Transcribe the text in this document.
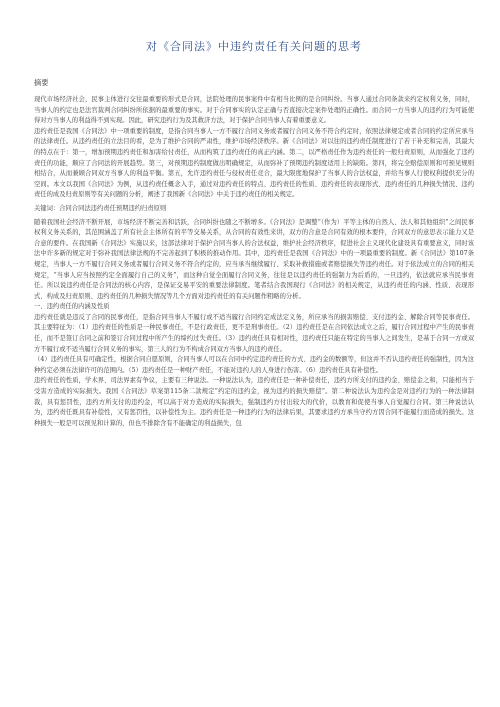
对《合同法》中违约责任有关问题的思考
摘要

现代市场经济社会，民事主体进行交往最重要的形式是合同，法院处理的民事案件中有相当比例的是合同纠纷。当事人通过合同条款来约定权利义务，同时，当事人的约定也是法官裁判合同纠纷所依据的最重要的事实。对于合同事实的认定正确与否直接决定案件处理的正确性。而合同一方当事人的违约行为可能使得对方当事人的利益得不到实现。因此，研究违约行为及其救济方法，对于保护合同当事人有着重要意义。

违约责任是我国《合同法》中一项重要的制度，是指合同当事人一方不履行合同义务或者履行合同义务不符合约定时，依照法律规定或者合同的约定所应承当的法律责任。从违约责任的立法目的看，是为了维护合同的严肃性，维护市场经济秩序。新《合同法》对以往的违约责任制度进行了若干补充和完善，其最大的特点在于：第一，增加预期违约责任和加害给付责任，从而构筑了违约责任的真正内涵。第二，以严格责任作为违约责任的一般归责原则，从而强化了违约责任的功能，顺应了合同法的开展趋势。第三，对预期违约制度做出明确规定，从而弥补了预期违约制度适用上的缺陷。第四，将完全赔偿原则和可预见规则相结合，从而兼顾合同双方当事人的利益平衡。第五，允许违约责任与侵权责任竞合，最大限度地保护了当事人的合法权益，并给当事人行使权利提供充分的空间。本文以我国《合同法》为例，从违约责任概念入手，通过对违约责任的特点、违约责任的性质、违约责任的表现形式、违约责任的几种损失情况、违约责任的成及归责原则等有关问题的分析，阐述了我国新《合同法》中关于违约责任的相关规定。

关键词：合同合同法违约责任预期违约归责原则

随着我国社会经济不断开展，市场经济不断完善和活跃，合同纠纷也随之不断增多。《合同法》是调整“（作为）平等主体的自然人、法人和其他组织”之间民事权利义务关系的，其范围涵盖了所有社会主体所有的平等交易关系，从合同的有效性来讲，双方的合意是合同有效的根本要件，合同双方的意思表示能力又是合意的要件。在我国新《合同法》实施以来，这部法律对于保护合同当事人的合法权益，维护社会经济秩序，促进社会主义现代化建设具有重要意义，同时该法中许多新的规定对于弥补我国法律法规的不完善起到了积极的推动作用。其中，违约责任是我国《合同法》中的一项最重要的制度。新《合同法》第107条规定，当事人一方不履行合同义务或者履行合同义务不符合约定的，应当承当继续履行、采取补救措施或者赔偿损失等违约责任。对于依法成立的合同的相关规定，“当事人应当按照约定全面履行自己的义务”，而这种自觉全面履行合同义务，往往是以违约责任的强制力为后盾的，一旦违约，依法就应承当民事责任。所以说违约责任是合同法的核心内容，是保证交易平安的重要法律制度。笔者结合我国现行《合同法》的相关规定，从违约责任的内涵、性质、表现形式、构成及归责原则、违约责任的几种损失情况等几个方面对违约责任的有关问题作粗略的分析。

一、违约责任的内涵及性质

违约责任就是违反了合同的民事责任，是指合同当事人不履行或不适当履行合同约定成法定义务，所应承当的损害赔偿、支付违约金、解除合同等民事责任。其主要特征为：（1）违约责任的性质是一种民事责任，不是行政责任，更不是刑事责任。（2）违约责任是在合同依法成立之后，履行合同过程中产生的民事责任，而不是签订合同之前和签订合同过程中所产生的缔约过失责任。（3）违约责任具有相对性，违约责任只能在特定的当事人之间发生，是基于合同一方或双方不履行或不适当履行合同义务的事实，第三人的行为不构成合同双方当事人的违约责任。

（4）违约责任具有可确定性，根据合同自愿原则，合同当事人可以在合同中约定违约责任的方式、违约金的数额等，但这并不否认违约责任的强制性，因为这种约定必须在法律许可的范围内。（5）违约责任是一种财产责任，不能对违约人的人身进行伤害。（6）违约责任具有补偿性。

违约责任的性质，学术界、司法界素有争议，主要有三种说法。一种说法认为，违约责任是一种补偿责任，违约方所支付的违约金、赔偿金之和，只能相当于受害方造成的实际损失。我国《合同法》草案第115条二款规定“约定的违约金，视为违约的损失赔偿”。第二种说法认为违约金是对违约行为的一种法律制裁，具有惩罚性，违约方所支付的违约金，可以高于对方造成的实际损失，强制违约方付出较大的代价，以教育和促使当事人自觉履行合同。第三种说法认为，违约责任既具有补偿性，又有惩罚性，以补偿性为主。违约责任是一种违约行为的法律后果，其要求违约方承当守约方因合同不能履行而造成的损失。这种损失一般是可以预见和计算的，但也不排除含有不能确定的利益损失，包
